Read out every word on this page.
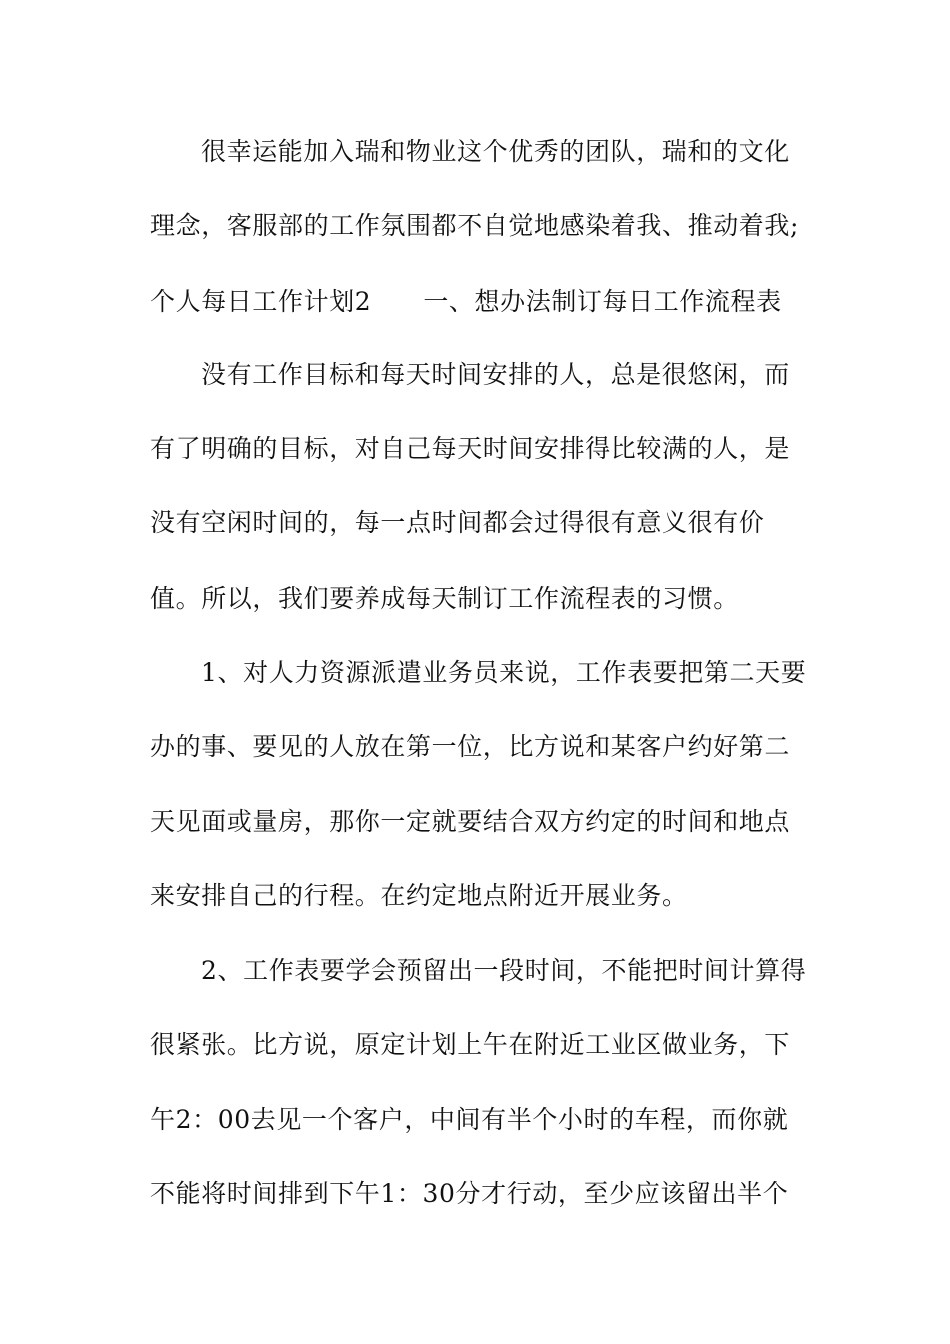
很幸运能加入瑞和物业这个优秀的团队，瑞和的文化
理念，客服部的工作氛围都不自觉地感染着我、推动着我;
个人每日工作计划2 一、想办法制订每日工作流程表
没有工作目标和每天时间安排的人，总是很悠闲，而
有了明确的目标，对自己每天时间安排得比较满的人，是
没有空闲时间的，每一点时间都会过得很有意义很有价
值。所以，我们要养成每天制订工作流程表的习惯。
1、对人力资源派遣业务员来说，工作表要把第二天要
办的事、要见的人放在第一位，比方说和某客户约好第二
天见面或量房，那你一定就要结合双方约定的时间和地点
来安排自己的行程。在约定地点附近开展业务。
2、工作表要学会预留出一段时间，不能把时间计算得
很紧张。比方说，原定计划上午在附近工业区做业务，下
午2：00去见一个客户，中间有半个小时的车程，而你就
不能将时间排到下午1：30分才行动，至少应该留出半个
